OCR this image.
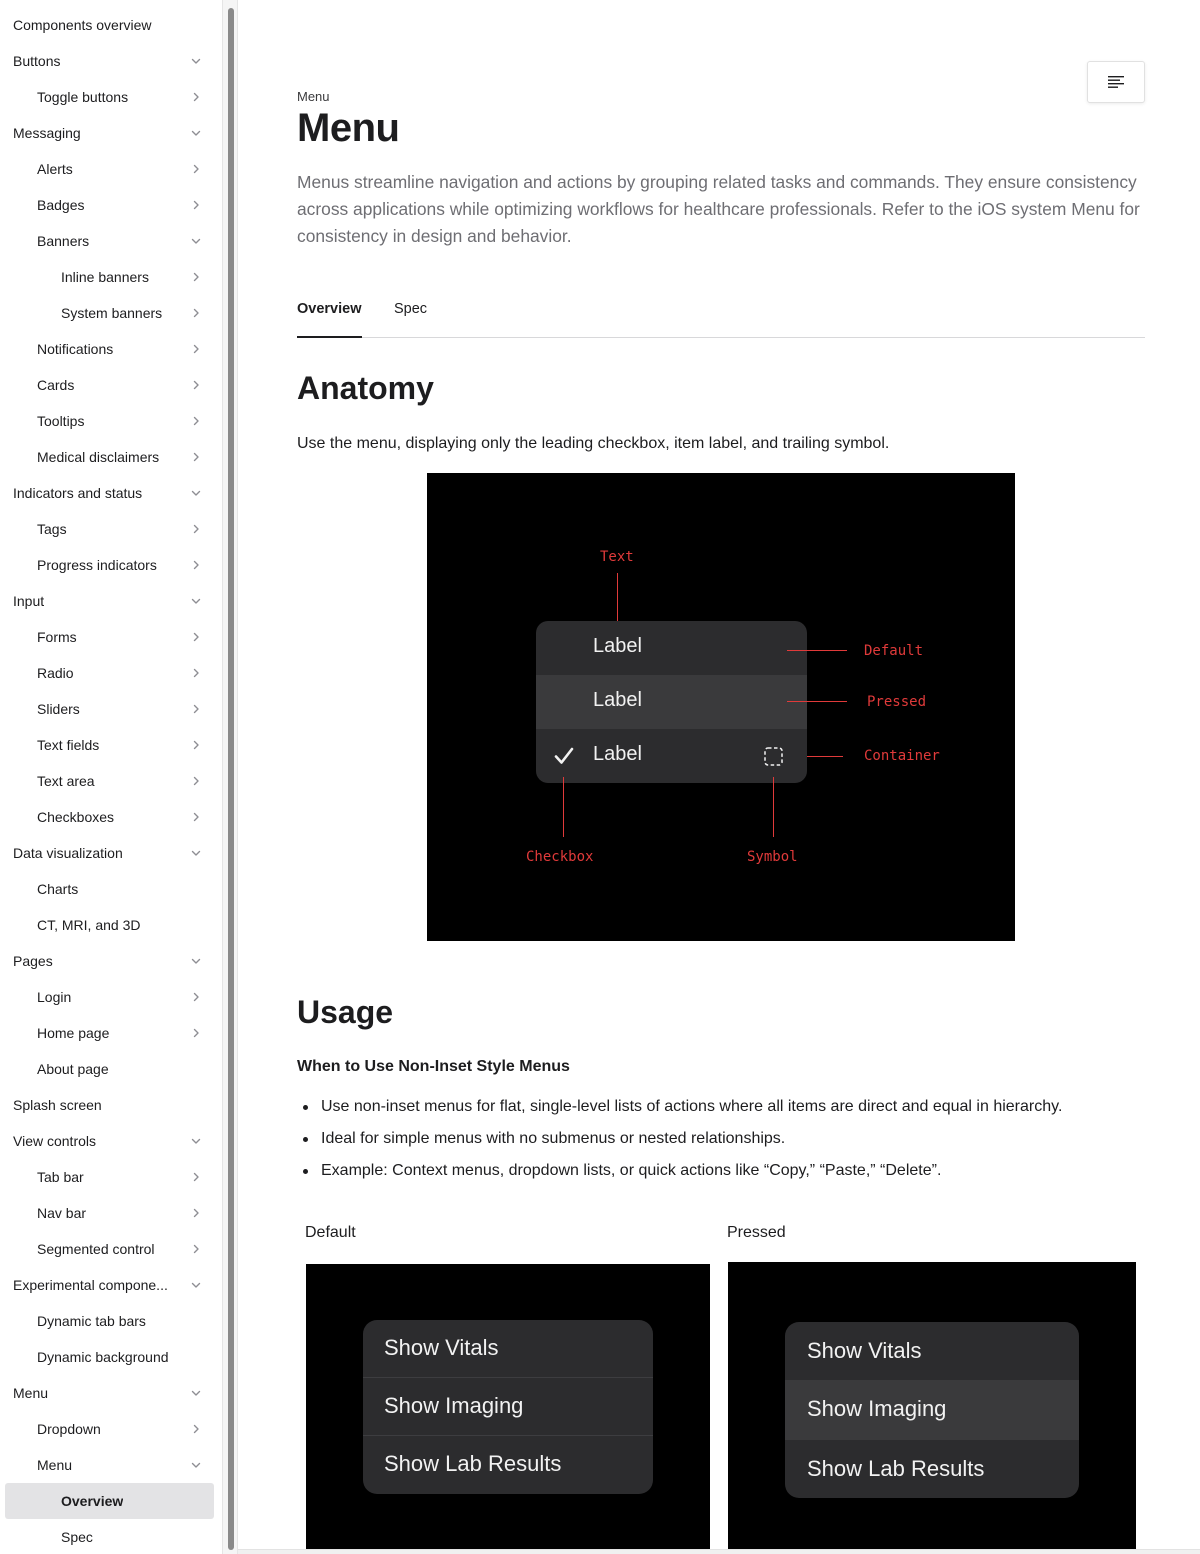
Components overview
Buttons
Toggle buttons
Messaging
Alerts
Badges
Banners
Inline banners
System banners
Notifications
Cards
Tooltips
Medical disclaimers
Indicators and status
Tags
Progress indicators
Input
Forms
Radio
Sliders
Text fields
Text area
Checkboxes
Data visualization
Charts
CT, MRI, and 3D
Pages
Login
Home page
About page
Splash screen
View controls
Tab bar
Nav bar
Segmented control
Experimental compone...
Dynamic tab bars
Dynamic background
Menu
Dropdown
Menu
Overview
Spec
Menu
Menu

Menus streamline navigation and actions by grouping related tasks and commands. They ensure consistency across applications while optimizing workflows for healthcare professionals. Refer to the iOS system Menu for consistency in design and behavior.

Overview Spec
Anatomy

Use the menu, displaying only the leading checkbox, item label, and trailing symbol.

Text
Label
Label
Label
Default
Pressed
Container
Checkbox	Symbol
Usage
When to Use Non-Inset Style Menus
Use non-inset menus for flat, single-level lists of actions where all items are direct and equal in hierarchy.
Ideal for simple menus with no submenus or nested relationships.
Example: Context menus, dropdown lists, or quick actions like “Copy,” “Paste,” “Delete”.
Default
Show Vitals
Show Imaging
Show Lab Results
Pressed
Show Vitals
Show Imaging
Show Lab Results
